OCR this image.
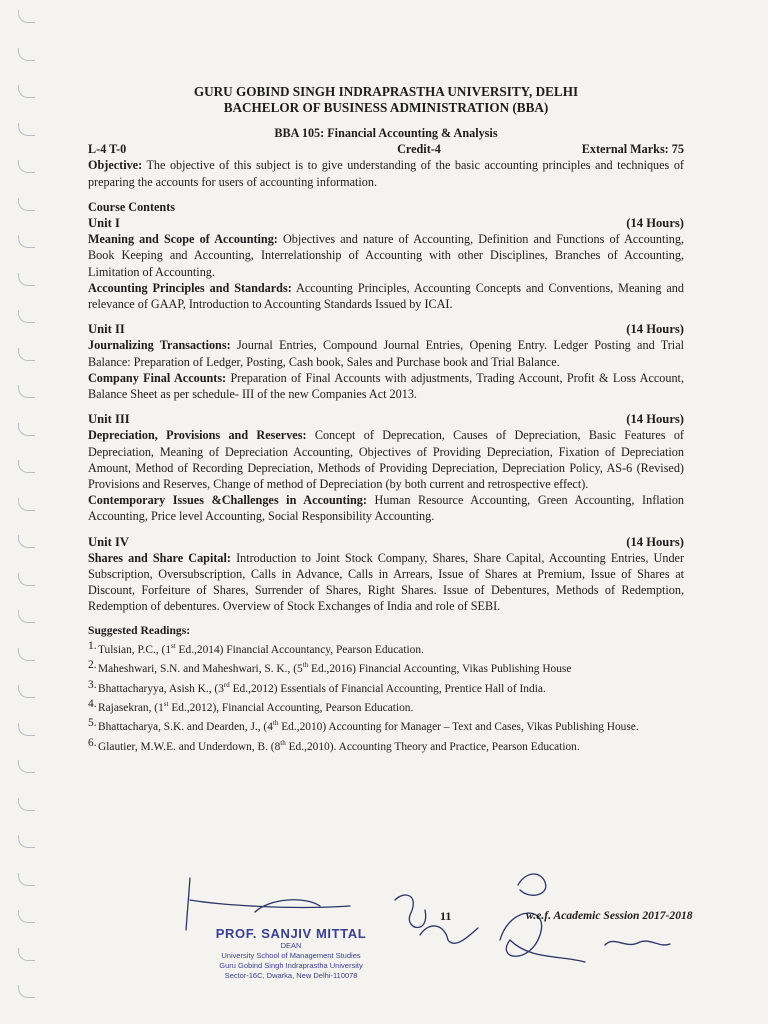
GURU GOBIND SINGH INDRAPRASTHA UNIVERSITY, DELHI
BACHELOR OF BUSINESS ADMINISTRATION (BBA)
BBA 105: Financial Accounting & Analysis
L-4 T-0	Credit-4	External Marks: 75

Objective: The objective of this subject is to give understanding of the basic accounting principles and techniques of preparing the accounts for users of accounting information.

Course Contents
Unit I	(14 Hours)

Meaning and Scope of Accounting: Objectives and nature of Accounting, Definition and Functions of Accounting, Book Keeping and Accounting, Interrelationship of Accounting with other Disciplines, Branches of Accounting, Limitation of Accounting.

Accounting Principles and Standards: Accounting Principles, Accounting Concepts and Conventions, Meaning and relevance of GAAP, Introduction to Accounting Standards Issued by ICAI.

Unit II	(14 Hours)

Journalizing Transactions: Journal Entries, Compound Journal Entries, Opening Entry. Ledger Posting and Trial Balance: Preparation of Ledger, Posting, Cash book, Sales and Purchase book and Trial Balance.

Company Final Accounts: Preparation of Final Accounts with adjustments, Trading Account, Profit & Loss Account, Balance Sheet as per schedule- III of the new Companies Act 2013.

Unit III	(14 Hours)

Depreciation, Provisions and Reserves: Concept of Deprecation, Causes of Depreciation, Basic Features of Depreciation, Meaning of Depreciation Accounting, Objectives of Providing Depreciation, Fixation of Depreciation Amount, Method of Recording Depreciation, Methods of Providing Depreciation, Depreciation Policy, AS-6 (Revised) Provisions and Reserves, Change of method of Depreciation (by both current and retrospective effect).

Contemporary Issues &Challenges in Accounting: Human Resource Accounting, Green Accounting, Inflation Accounting, Price level Accounting, Social Responsibility Accounting.

Unit IV	(14 Hours)

Shares and Share Capital: Introduction to Joint Stock Company, Shares, Share Capital, Accounting Entries, Under Subscription, Oversubscription, Calls in Advance, Calls in Arrears, Issue of Shares at Premium, Issue of Shares at Discount, Forfeiture of Shares, Surrender of Shares, Right Shares. Issue of Debentures, Methods of Redemption, Redemption of debentures. Overview of Stock Exchanges of India and role of SEBI.

Suggested Readings:
1. Tulsian, P.C., (1st Ed.,2014) Financial Accountancy, Pearson Education.
2. Maheshwari, S.N. and Maheshwari, S. K., (5th Ed.,2016) Financial Accounting, Vikas Publishing House
3. Bhattacharyya, Asish K., (3rd Ed.,2012) Essentials of Financial Accounting, Prentice Hall of India.
4. Rajasekran, (1st Ed.,2012), Financial Accounting, Pearson Education.
5. Bhattacharya, S.K. and Dearden, J., (4th Ed.,2010) Accounting for Manager – Text and Cases, Vikas Publishing House.
6. Glautier, M.W.E. and Underdown, B. (8th Ed.,2010). Accounting Theory and Practice, Pearson Education.
11	w.e.f. Academic Session 2017-2018
PROF. SANJIV MITTAL
DEAN
University School of Management Studies
Guru Gobind Singh Indraprastha University
Sector-16C, Dwarka, New Delhi-110078
